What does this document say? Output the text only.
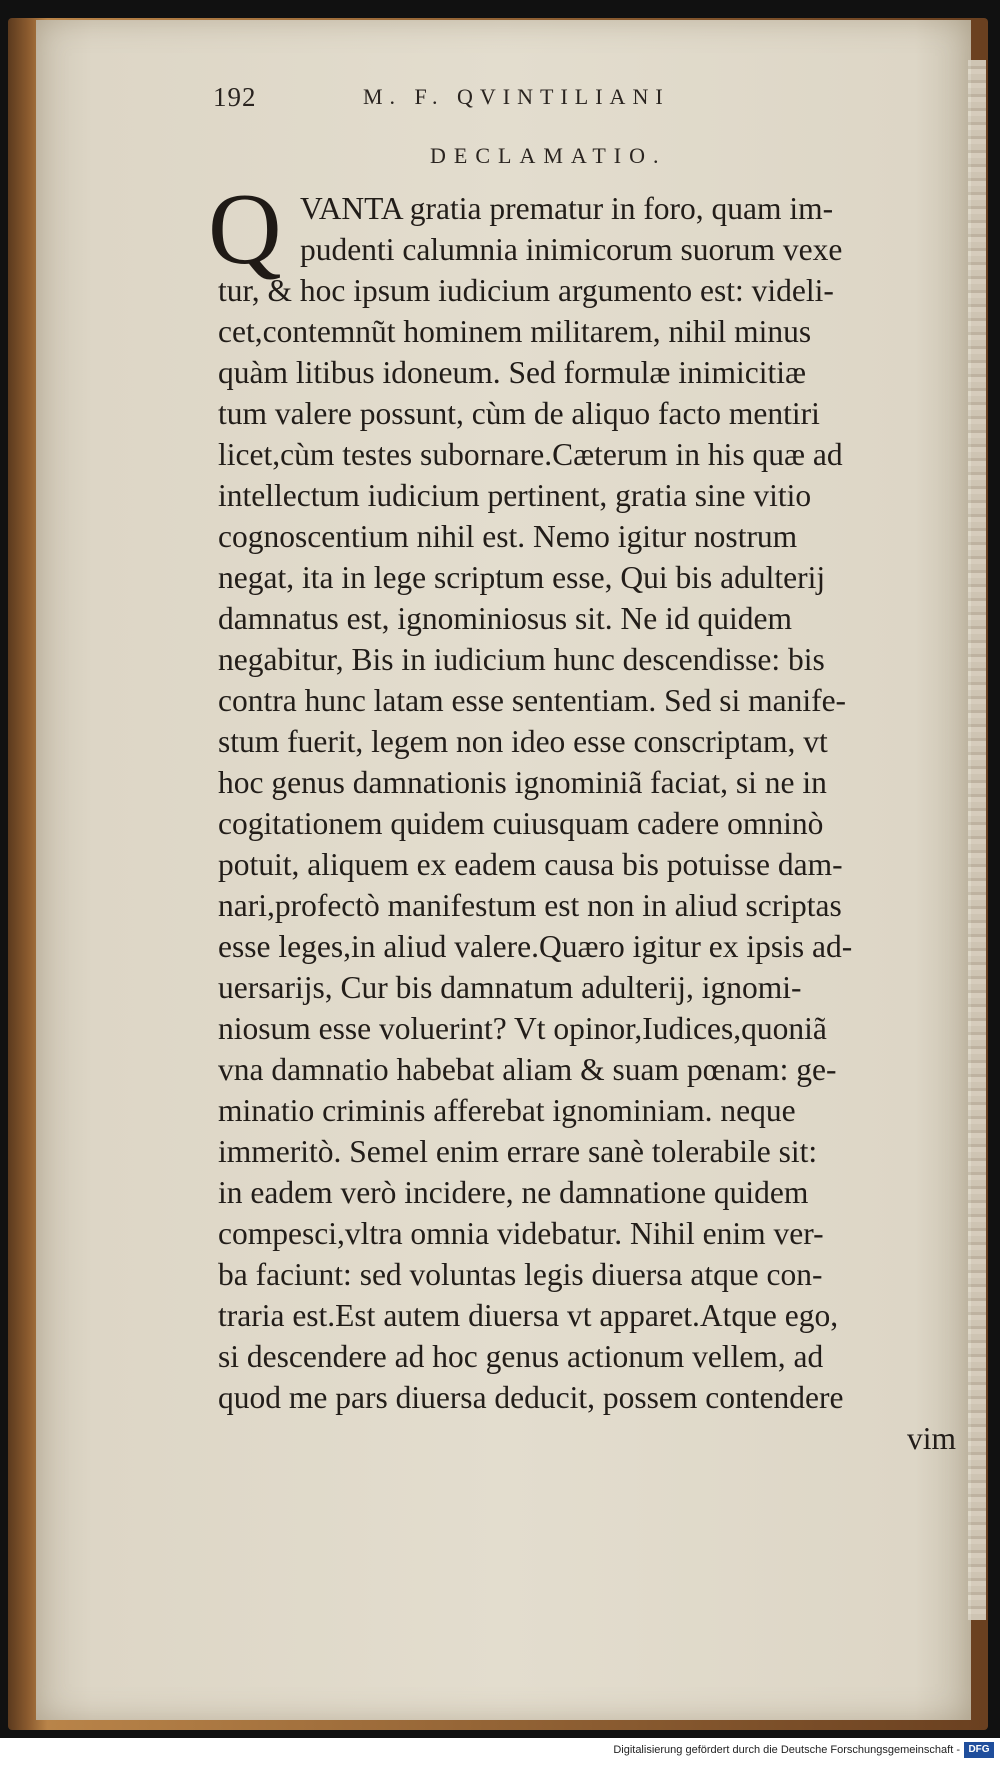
192	M. F. QVINTILIANI
DECLAMATIO.
Q VANTA gratia prematur in foro, quam im-
pudenti calumnia inimicorum suorum vexe
tur, & hoc ipsum iudicium argumento est: videli-
cet,contemnũt hominem militarem, nihil minus
quàm litibus idoneum. Sed formulæ inimicitiæ
tum valere possunt, cùm de aliquo facto mentiri
licet,cùm testes subornare.Cæterum in his quæ ad
intellectum iudicium pertinent, gratia sine vitio
cognoscentium nihil est. Nemo igitur nostrum
negat, ita in lege scriptum esse, Qui bis adulterij
damnatus est, ignominiosus sit. Ne id quidem
negabitur, Bis in iudicium hunc descendisse: bis
contra hunc latam esse sententiam. Sed si manife-
stum fuerit, legem non ideo esse conscriptam, vt
hoc genus damnationis ignominiã faciat, si ne in
cogitationem quidem cuiusquam cadere omninò
potuit, aliquem ex eadem causa bis potuisse dam-
nari,profectò manifestum est non in aliud scriptas
esse leges,in aliud valere.Quæro igitur ex ipsis ad-
uersarijs, Cur bis damnatum adulterij, ignomi-
niosum esse voluerint? Vt opinor,Iudices,quoniã
vna damnatio habebat aliam & suam pœnam: ge-
minatio criminis afferebat ignominiam. neque
immeritò. Semel enim errare sanè tolerabile sit:
in eadem verò incidere, ne damnatione quidem
compesci,vltra omnia videbatur. Nihil enim ver-
ba faciunt: sed voluntas legis diuersa atque con-
traria est.Est autem diuersa vt apparet.Atque ego,
si descendere ad hoc genus actionum vellem, ad
quod me pars diuersa deducit, possem contendere
vim
Digitalisierung gefördert durch die Deutsche Forschungsgemeinschaft - DFG
